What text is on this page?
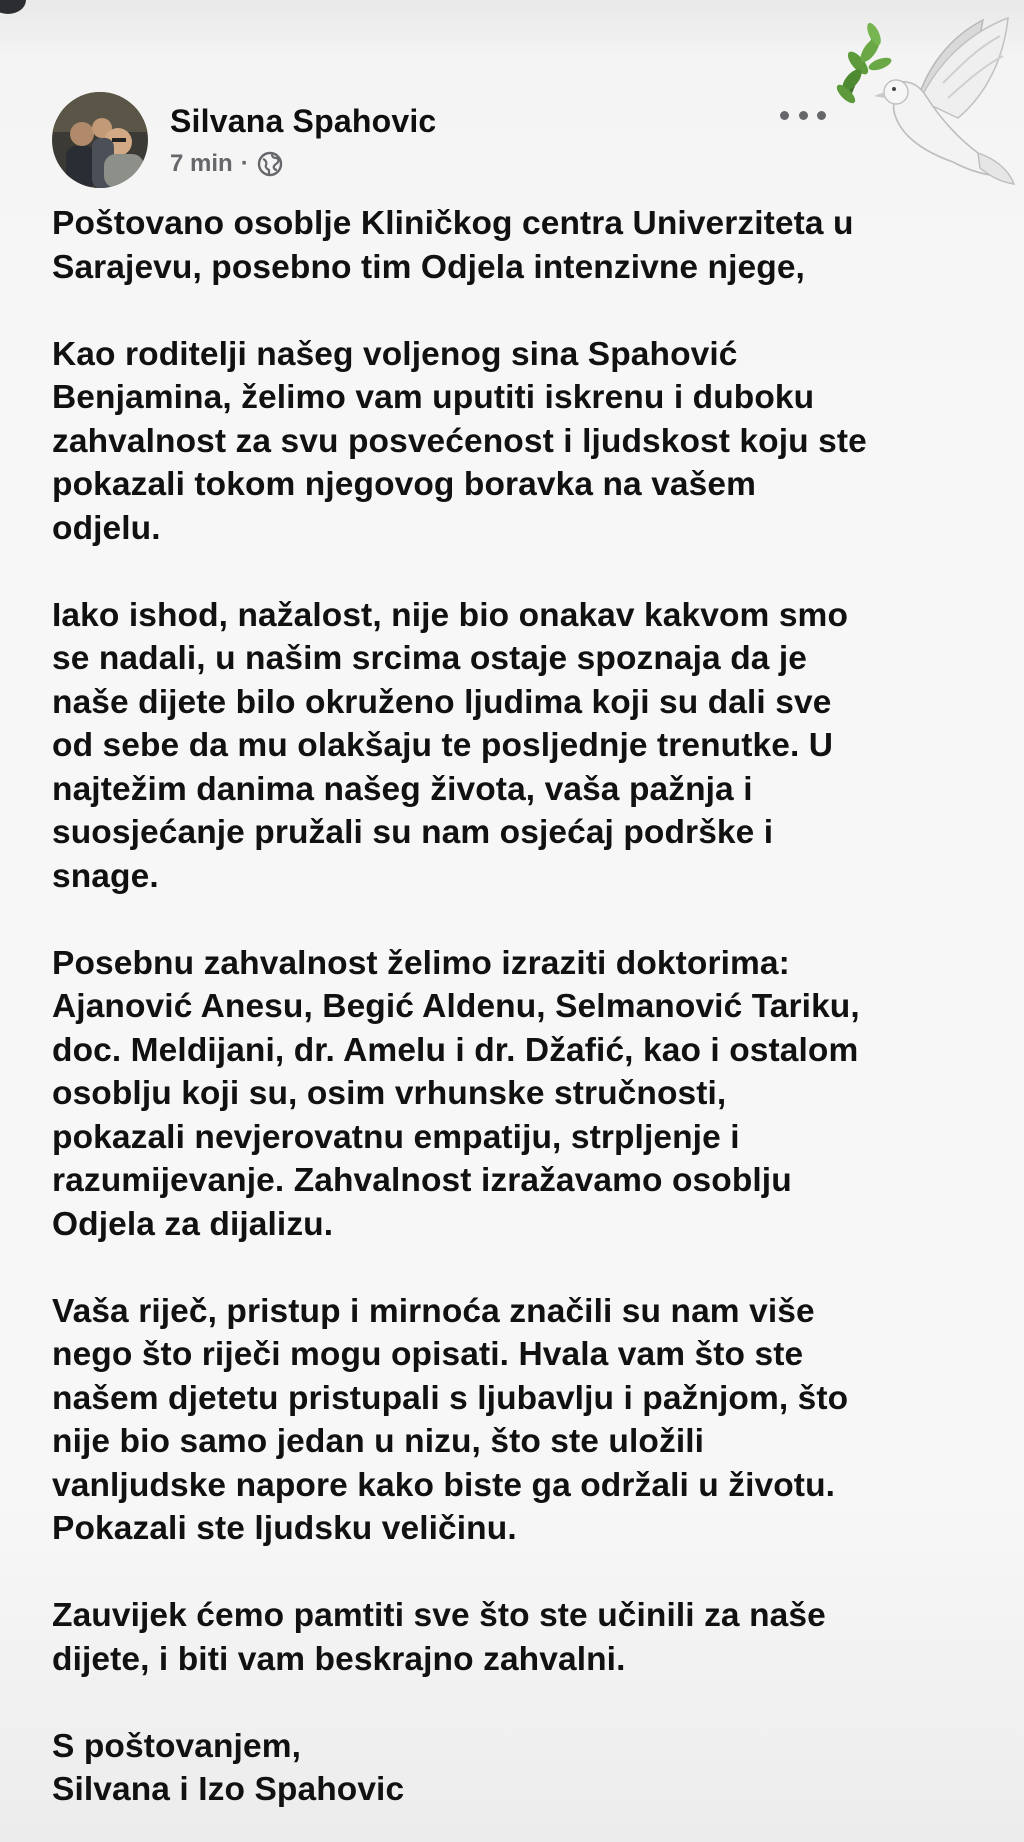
Silvana Spahovic
7 min ·

Poštovano osoblje Kliničkog centra Univerziteta u
Sarajevu, posebno tim Odjela intenzivne njege,

Kao roditelji našeg voljenog sina Spahović
Benjamina, želimo vam uputiti iskrenu i duboku
zahvalnost za svu posvećenost i ljudskost koju ste
pokazali tokom njegovog boravka na vašem
odjelu.

Iako ishod, nažalost, nije bio onakav kakvom smo
se nadali, u našim srcima ostaje spoznaja da je
naše dijete bilo okruženo ljudima koji su dali sve
od sebe da mu olakšaju te posljednje trenutke. U
najtežim danima našeg života, vaša pažnja i
suosjećanje pružali su nam osjećaj podrške i
snage.

Posebnu zahvalnost želimo izraziti doktorima:
Ajanović Anesu, Begić Aldenu, Selmanović Tariku,
doc. Meldijani, dr. Amelu i dr. Džafić, kao i ostalom
osoblju koji su, osim vrhunske stručnosti,
pokazali nevjerovatnu empatiju, strpljenje i
razumijevanje. Zahvalnost izražavamo osoblju
Odjela za dijalizu.

Vaša riječ, pristup i mirnoća značili su nam više
nego što riječi mogu opisati. Hvala vam što ste
našem djetetu pristupali s ljubavlju i pažnjom, što
nije bio samo jedan u nizu, što ste uložili
vanljudske napore kako biste ga održali u životu.
Pokazali ste ljudsku veličinu.

Zauvijek ćemo pamtiti sve što ste učinili za naše
dijete, i biti vam beskrajno zahvalni.

S poštovanjem,
Silvana i Izo Spahovic
